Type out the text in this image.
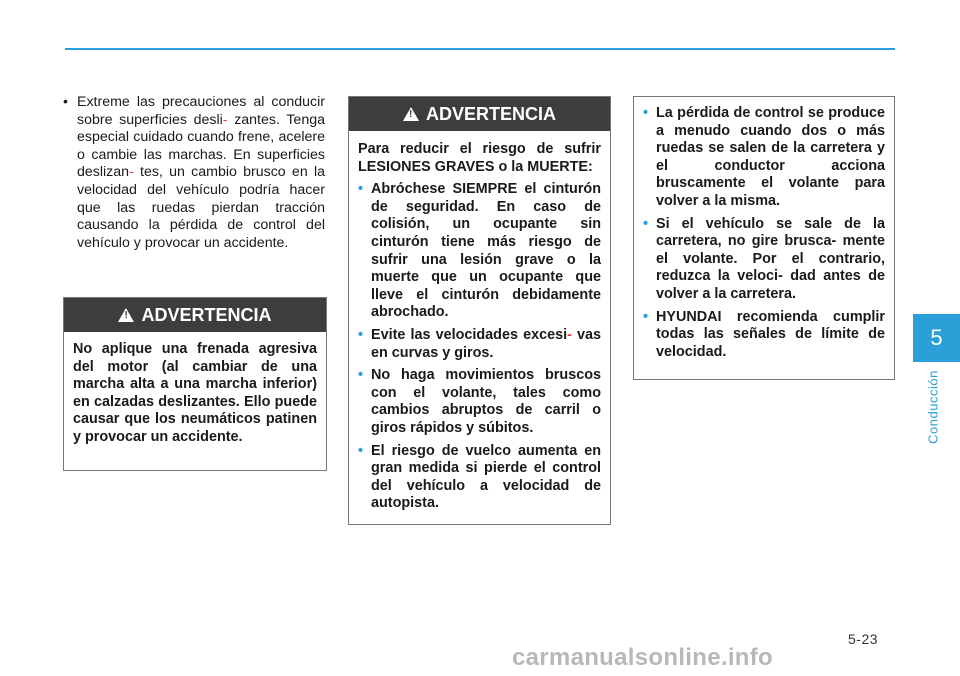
5
Conducción
• Extreme las precauciones al conducir sobre superficies desli- zantes. Tenga especial cuidado cuando frene, acelere o cambie las marchas. En superficies deslizan- tes, un cambio brusco en la velocidad del vehículo podría hacer que las ruedas pierdan tracción causando la pérdida de control del vehículo y provocar un accidente.
!
ADVERTENCIA

No aplique una frenada agresiva del motor (al cambiar de una marcha alta a una marcha inferior) en calzadas deslizantes. Ello puede causar que los neumáticos patinen y provocar un accidente.

!
ADVERTENCIA

Para reducir el riesgo de sufrir LESIONES GRAVES o la MUERTE:

• Abróchese SIEMPRE el cinturón de seguridad. En caso de colisión, un ocupante sin cinturón tiene más riesgo de sufrir una lesión grave o la muerte que un ocupante que lleve el cinturón debidamente abrochado.
• Evite las velocidades excesi- vas en curvas y giros.
• No haga movimientos bruscos con el volante, tales como cambios abruptos de carril o giros rápidos y súbitos.
• El riesgo de vuelco aumenta en gran medida si pierde el control del vehículo a velocidad de autopista.
• La pérdida de control se produce a menudo cuando dos o más ruedas se salen de la carretera y el conductor acciona bruscamente el volante para volver a la misma.
• Si el vehículo se sale de la carretera, no gire brusca- mente el volante. Por el contrario, reduzca la veloci- dad antes de volver a la carretera.
• HYUNDAI recomienda cumplir todas las señales de límite de velocidad.
5-23
carmanualsonline.info
